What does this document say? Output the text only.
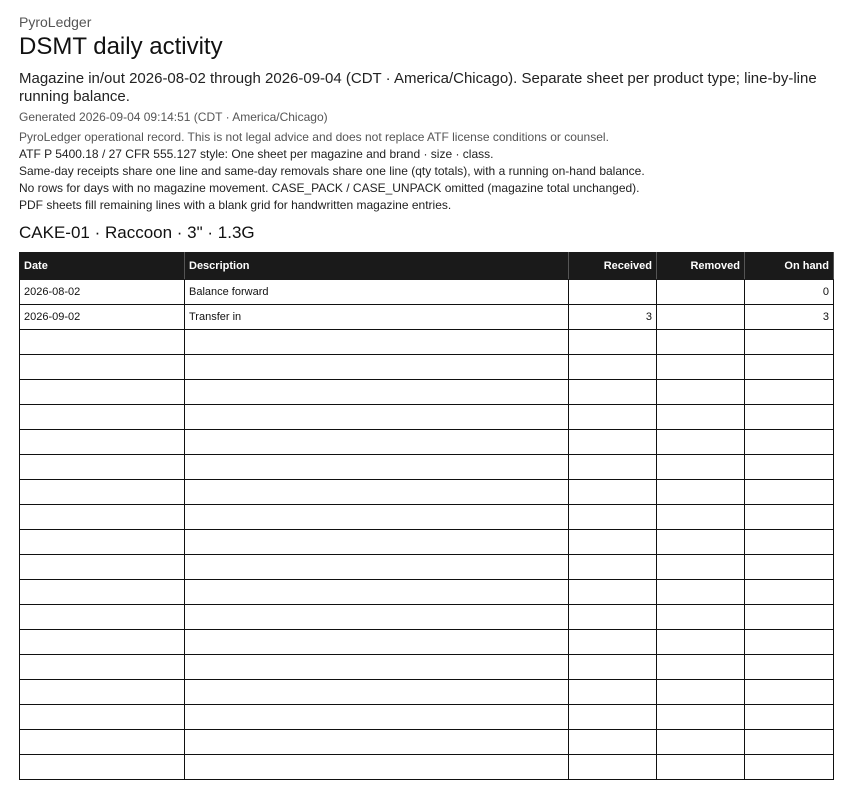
PyroLedger
DSMT daily activity
Magazine in/out 2026-08-02 through 2026-09-04 (CDT · America/Chicago). Separate sheet per product type; line-by-line running balance.
Generated 2026-09-04 09:14:51 (CDT · America/Chicago)
PyroLedger operational record. This is not legal advice and does not replace ATF license conditions or counsel.
ATF P 5400.18 / 27 CFR 555.127 style: One sheet per magazine and brand · size · class.
Same-day receipts share one line and same-day removals share one line (qty totals), with a running on-hand balance.
No rows for days with no magazine movement. CASE_PACK / CASE_UNPACK omitted (magazine total unchanged).
PDF sheets fill remaining lines with a blank grid for handwritten magazine entries.
CAKE-01 · Raccoon · 3" · 1.3G
Date	Description	Received	Removed	On hand
2026-08-02	Balance forward			0
2026-09-02	Transfer in	3		3
